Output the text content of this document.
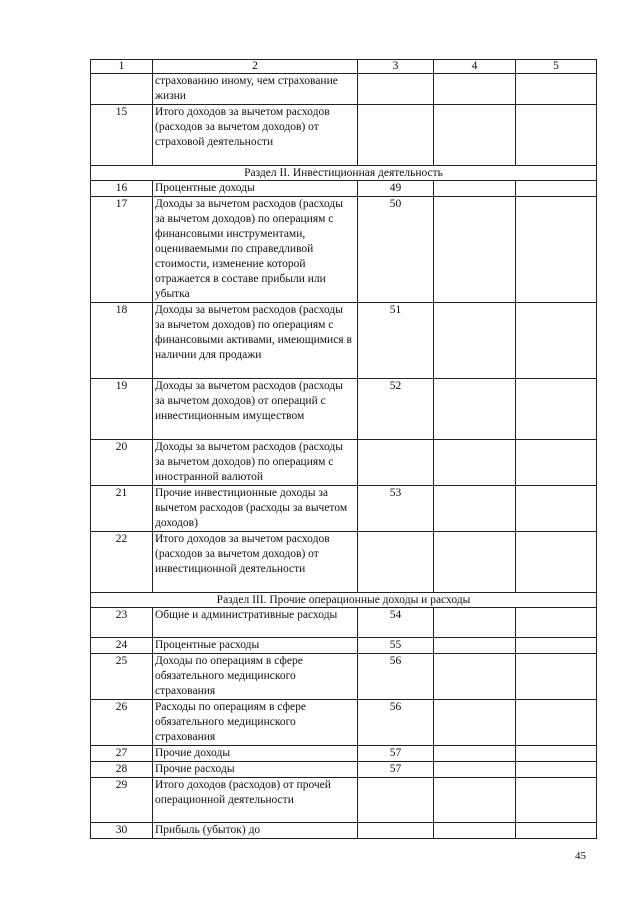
1	2	3	4	5
	страхованию иному, чем страхование жизни			
15	Итого доходов за вычетом расходов (расходов за вычетом доходов) от страховой деятельности			
Раздел II. Инвестиционная деятельность				
16	Процентные доходы	49		
17	Доходы за вычетом расходов (расходы за вычетом доходов) по операциям с финансовыми инструментами, оцениваемыми по справедливой стоимости, изменение которой отражается в составе прибыли или убытка	50		
18	Доходы за вычетом расходов (расходы за вычетом доходов) по операциям с финансовыми активами, имеющимися в наличии для продажи	51		
19	Доходы за вычетом расходов (расходы за вычетом доходов) от операций с инвестиционным имуществом	52		
20	Доходы за вычетом расходов (расходы за вычетом доходов) по операциям с иностранной валютой			
21	Прочие инвестиционные доходы за вычетом расходов (расходы за вычетом доходов)	53		
22	Итого доходов за вычетом расходов (расходов за вычетом доходов) от инвестиционной деятельности			
Раздел III. Прочие операционные доходы и расходы				
23	Общие и административные расходы	54		
24	Процентные расходы	55		
25	Доходы по операциям в сфере обязательного медицинского страхования	56		
26	Расходы по операциям в сфере обязательного медицинского страхования	56		
27	Прочие доходы	57		
28	Прочие расходы	57		
29	Итого доходов (расходов) от прочей операционной деятельности			
30	Прибыль (убыток) до			
45
